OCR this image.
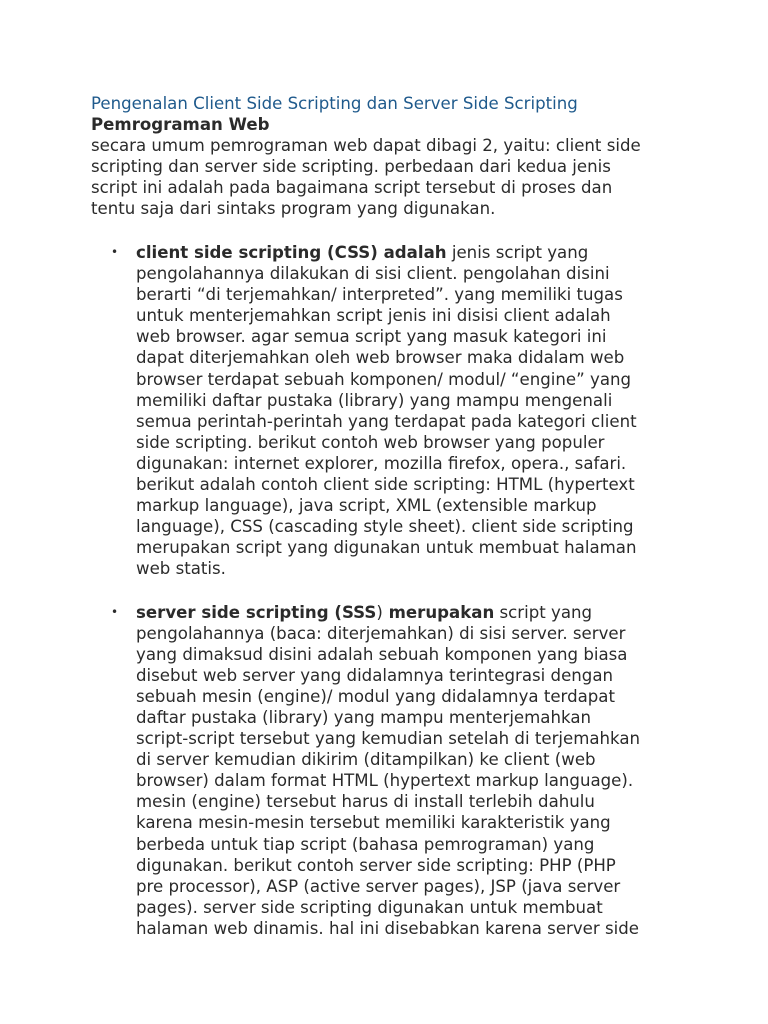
Pengenalan Client Side Scripting dan Server Side Scripting
Pemrograman Web

secara umum pemrograman web dapat dibagi 2, yaitu: client side
scripting dan server side scripting. perbedaan dari kedua jenis
script ini adalah pada bagaimana script tersebut di proses dan
tentu saja dari sintaks program yang digunakan.

• client side scripting (CSS) adalah jenis script yang
pengolahannya dilakukan di sisi client. pengolahan disini
berarti “di terjemahkan/ interpreted”. yang memiliki tugas
untuk menterjemahkan script jenis ini disisi client adalah
web browser. agar semua script yang masuk kategori ini
dapat diterjemahkan oleh web browser maka didalam web
browser terdapat sebuah komponen/ modul/ “engine” yang
memiliki daftar pustaka (library) yang mampu mengenali
semua perintah-perintah yang terdapat pada kategori client
side scripting. berikut contoh web browser yang populer
digunakan: internet explorer, mozilla firefox, opera., safari.
berikut adalah contoh client side scripting: HTML (hypertext
markup language), java script, XML (extensible markup
language), CSS (cascading style sheet). client side scripting
merupakan script yang digunakan untuk membuat halaman
web statis.
• server side scripting (SSS) merupakan script yang
pengolahannya (baca: diterjemahkan) di sisi server. server
yang dimaksud disini adalah sebuah komponen yang biasa
disebut web server yang didalamnya terintegrasi dengan
sebuah mesin (engine)/ modul yang didalamnya terdapat
daftar pustaka (library) yang mampu menterjemahkan
script-script tersebut yang kemudian setelah di terjemahkan
di server kemudian dikirim (ditampilkan) ke client (web
browser) dalam format HTML (hypertext markup language).
mesin (engine) tersebut harus di install terlebih dahulu
karena mesin-mesin tersebut memiliki karakteristik yang
berbeda untuk tiap script (bahasa pemrograman) yang
digunakan. berikut contoh server side scripting: PHP (PHP
pre processor), ASP (active server pages), JSP (java server
pages). server side scripting digunakan untuk membuat
halaman web dinamis. hal ini disebabkan karena server side
